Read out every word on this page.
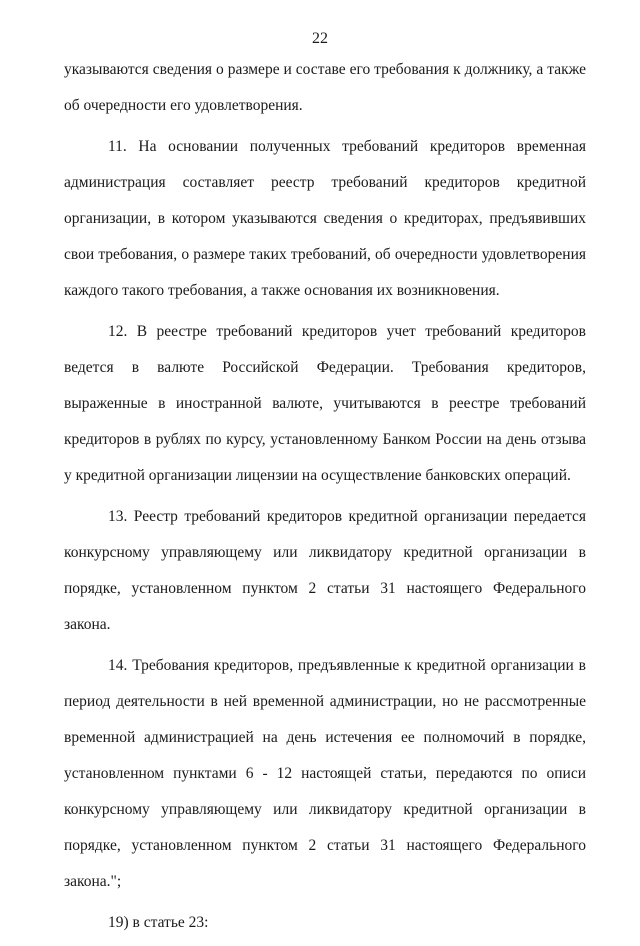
22

указываются сведения о размере и составе его требования к должнику, а также об очередности его удовлетворения.

11. На основании полученных требований кредиторов временная администрация составляет реестр требований кредиторов кредитной организации, в котором указываются сведения о кредиторах, предъявивших свои требования, о размере таких требований, об очередности удовлетворения каждого такого требования, а также основания их возникновения.

12. В реестре требований кредиторов учет требований кредиторов ведется в валюте Российской Федерации. Требования кредиторов, выраженные в иностранной валюте, учитываются в реестре требований кредиторов в рублях по курсу, установленному Банком России на день отзыва у кредитной организации лицензии на осуществление банковских операций.

13. Реестр требований кредиторов кредитной организации передается конкурсному управляющему или ликвидатору кредитной организации в порядке, установленном пунктом 2 статьи 31 настоящего Федерального закона.

14. Требования кредиторов, предъявленные к кредитной организации в период деятельности в ней временной администрации, но не рассмотренные временной администрацией на день истечения ее полномочий в порядке, установленном пунктами 6 - 12 настоящей статьи, передаются по описи конкурсному управляющему или ликвидатору кредитной организации в порядке, установленном пунктом 2 статьи 31 настоящего Федерального закона.";

19) в статье 23:
